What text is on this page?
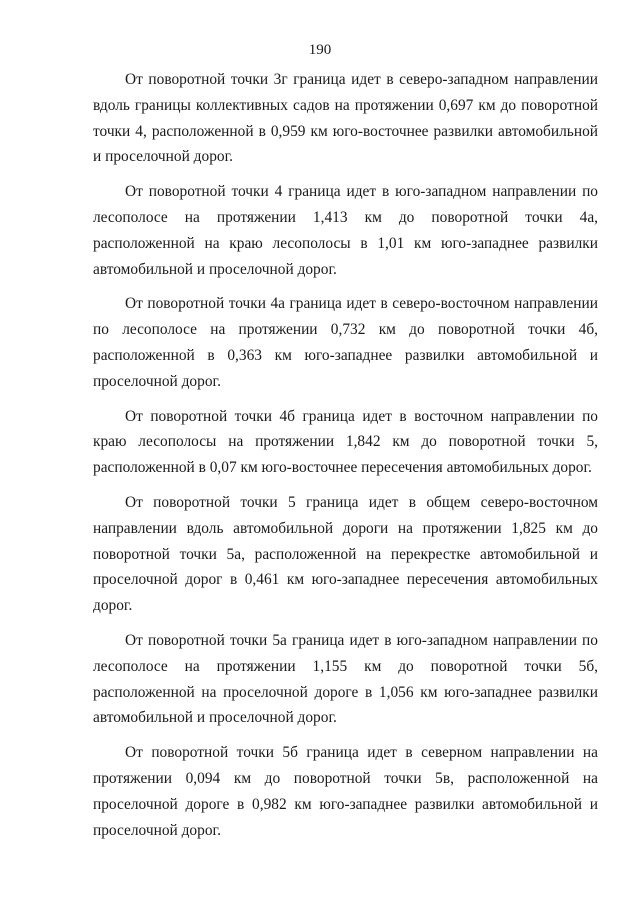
190

От поворотной точки 3г граница идет в северо-западном направлении вдоль границы коллективных садов на протяжении 0,697 км до поворотной точки 4, расположенной в 0,959 км юго-восточнее развилки автомобильной и проселочной дорог.

От поворотной точки 4 граница идет в юго-западном направлении по лесополосе на протяжении 1,413 км до поворотной точки 4а, расположенной на краю лесополосы в 1,01 км юго-западнее развилки автомобильной и проселочной дорог.

От поворотной точки 4а граница идет в северо-восточном направлении по лесополосе на протяжении 0,732 км до поворотной точки 4б, расположенной в 0,363 км юго-западнее развилки автомобильной и проселочной дорог.

От поворотной точки 4б граница идет в восточном направлении по краю лесополосы на протяжении 1,842 км до поворотной точки 5, расположенной в 0,07 км юго-восточнее пересечения автомобильных дорог.

От поворотной точки 5 граница идет в общем северо-восточном направлении вдоль автомобильной дороги на протяжении 1,825 км до поворотной точки 5а, расположенной на перекрестке автомобильной и проселочной дорог в 0,461 км юго-западнее пересечения автомобильных дорог.

От поворотной точки 5а граница идет в юго-западном направлении по лесополосе на протяжении 1,155 км до поворотной точки 5б, расположенной на проселочной дороге в 1,056 км юго-западнее развилки автомобильной и проселочной дорог.

От поворотной точки 5б граница идет в северном направлении на протяжении 0,094 км до поворотной точки 5в, расположенной на проселочной дороге в 0,982 км юго-западнее развилки автомобильной и проселочной дорог.
